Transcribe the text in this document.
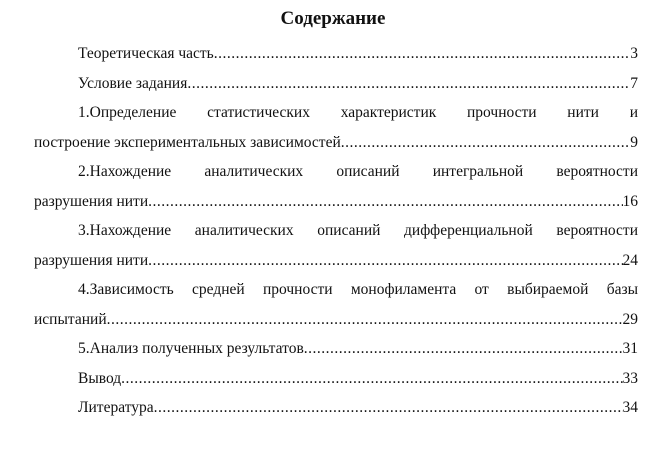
Содержание
Теоретическая часть .....	3
Условие задания .....	7
1.Определение статистических характеристик прочности нити и
построение экспериментальных зависимостей .....	9
2.Нахождение аналитических описаний интегральной вероятности
разрушения нити .....	16
3.Нахождение аналитических описаний дифференциальной вероятности
разрушения нити .....	24
4.Зависимость средней прочности монофиламента от выбираемой базы
испытаний .....	29
5.Анализ полученных результатов .....	31
Вывод .....	33
Литература .....	34
